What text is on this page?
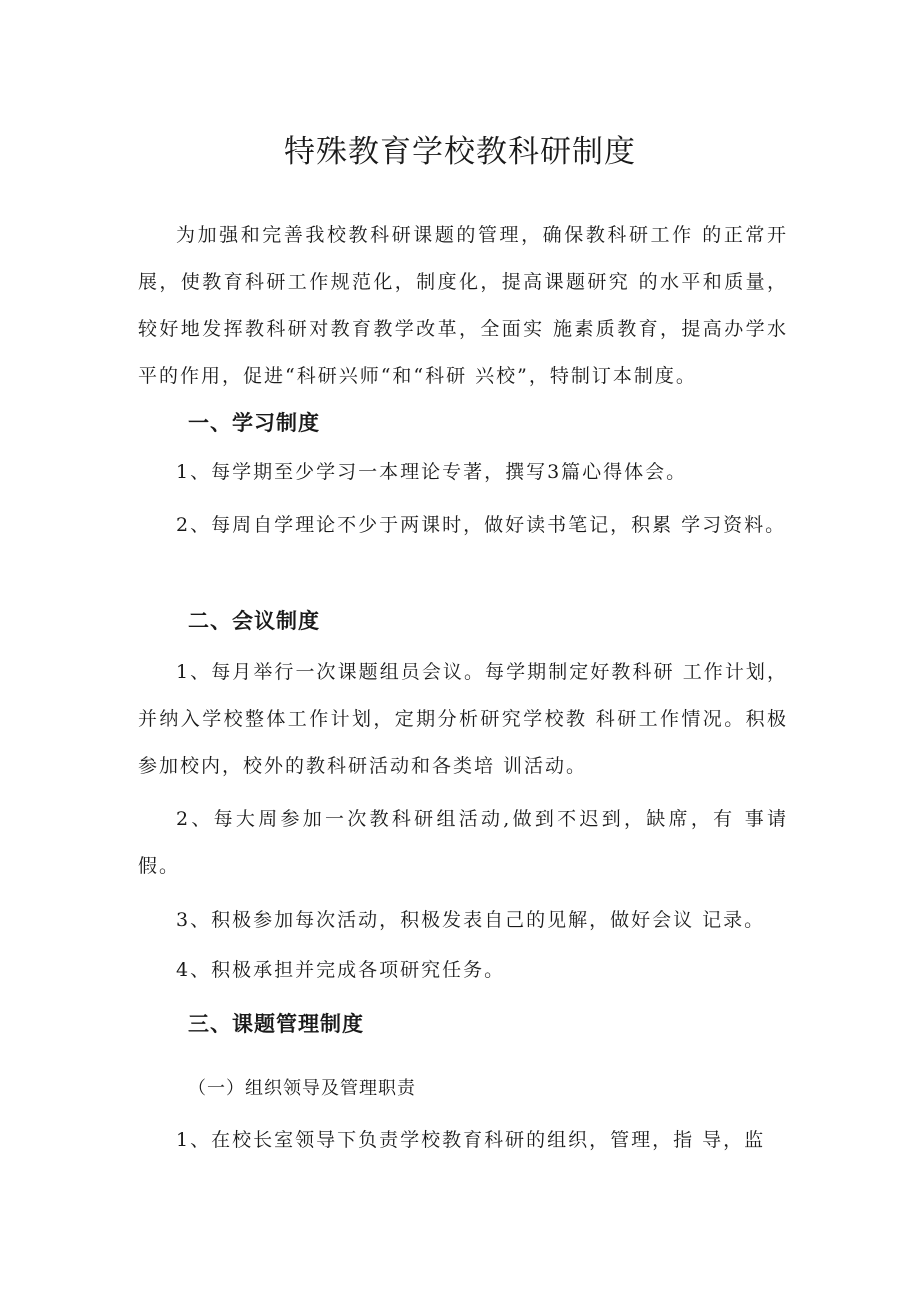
特殊教育学校教科研制度

为加强和完善我校教科研课题的管理，确保教科研工作 的正常开展，使教育科研工作规范化，制度化，提高课题研究 的水平和质量，较好地发挥教科研对教育教学改革，全面实 施素质教育，提高办学水平的作用，促进“科研兴师“和“科研 兴校”，特制订本制度。

一、学习制度

1、每学期至少学习一本理论专著，撰写3篇心得体会。

2、每周自学理论不少于两课时，做好读书笔记，积累 学习资料。

二、会议制度

1、每月举行一次课题组员会议。每学期制定好教科研 工作计划，并纳入学校整体工作计划，定期分析研究学校教 科研工作情况。积极参加校内，校外的教科研活动和各类培 训活动。

2、每大周参加一次教科研组活动,做到不迟到，缺席，有 事请假。

3、积极参加每次活动，积极发表自己的见解，做好会议 记录。

4、积极承担并完成各项研究任务。

三、课题管理制度

（一）组织领导及管理职责

1、在校长室领导下负责学校教育科研的组织，管理，指 导，监
